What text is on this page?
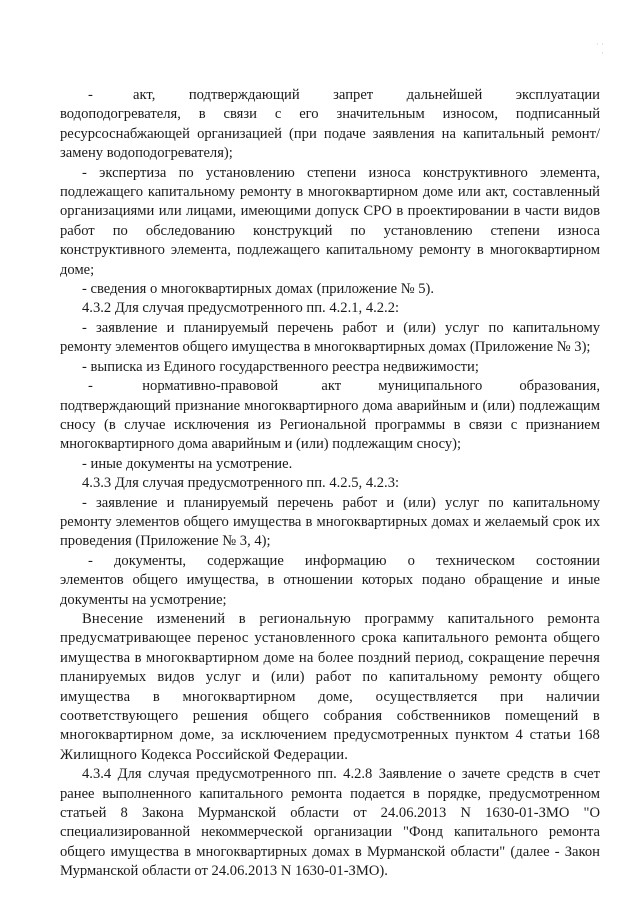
· ·
·

-      акт,     подтверждающий     запрет     дальнейшей     эксплуатации водоподогревателя, в связи с его значительным износом, подписанный ресурсоснабжающей организацией (при подаче заявления на капитальный ремонт/замену водоподогревателя);

- экспертиза по установлению степени износа конструктивного элемента, подлежащего капитальному ремонту в многоквартирном доме или акт, составленный организациями или лицами, имеющими допуск СРО в проектировании в части видов работ по обследованию конструкций по установлению степени износа конструктивного элемента, подлежащего капитальному ремонту в многоквартирном доме;

- сведения о многоквартирных домах (приложение № 5).

4.3.2 Для случая предусмотренного пп. 4.2.1, 4.2.2:

- заявление и планируемый перечень работ и (или) услуг по капитальному ремонту элементов общего имущества в многоквартирных домах (Приложение № 3);

- выписка из Единого государственного реестра недвижимости;

-        нормативно-правовой       акт      муниципального      образования, подтверждающий признание многоквартирного дома аварийным и (или) подлежащим сносу (в случае исключения из Региональной программы в связи с признанием многоквартирного дома аварийным и (или) подлежащим сносу);

- иные документы на усмотрение.

4.3.3 Для случая предусмотренного пп. 4.2.5, 4.2.3:

- заявление и планируемый перечень работ и (или) услуг по капитальному ремонту элементов общего имущества в многоквартирных домах и желаемый срок их проведения (Приложение № 3, 4);

-   документы,   содержащие   информацию   о   техническом   состоянии элементов общего имущества, в отношении которых подано обращение и иные документы на усмотрение;

Внесение изменений в региональную программу капитального ремонта предусматривающее перенос установленного срока капитального ремонта общего имущества в многоквартирном доме на более поздний период, сокращение перечня планируемых видов услуг и (или) работ по капитальному ремонту общего имущества в многоквартирном доме, осуществляется при наличии соответствующего решения общего собрания собственников помещений в многоквартирном доме, за исключением предусмотренных пунктом 4 статьи 168 Жилищного Кодекса Российской Федерации.

4.3.4 Для случая предусмотренного пп. 4.2.8 Заявление о зачете средств в счет ранее выполненного капитального ремонта подается в порядке, предусмотренном статьей 8 Закона Мурманской области от 24.06.2013 N 1630-01-ЗМО "О специализированной некоммерческой организации "Фонд капитального ремонта общего имущества в многоквартирных домах в Мурманской области" (далее - Закон Мурманской области от 24.06.2013 N 1630-01-ЗМО).
